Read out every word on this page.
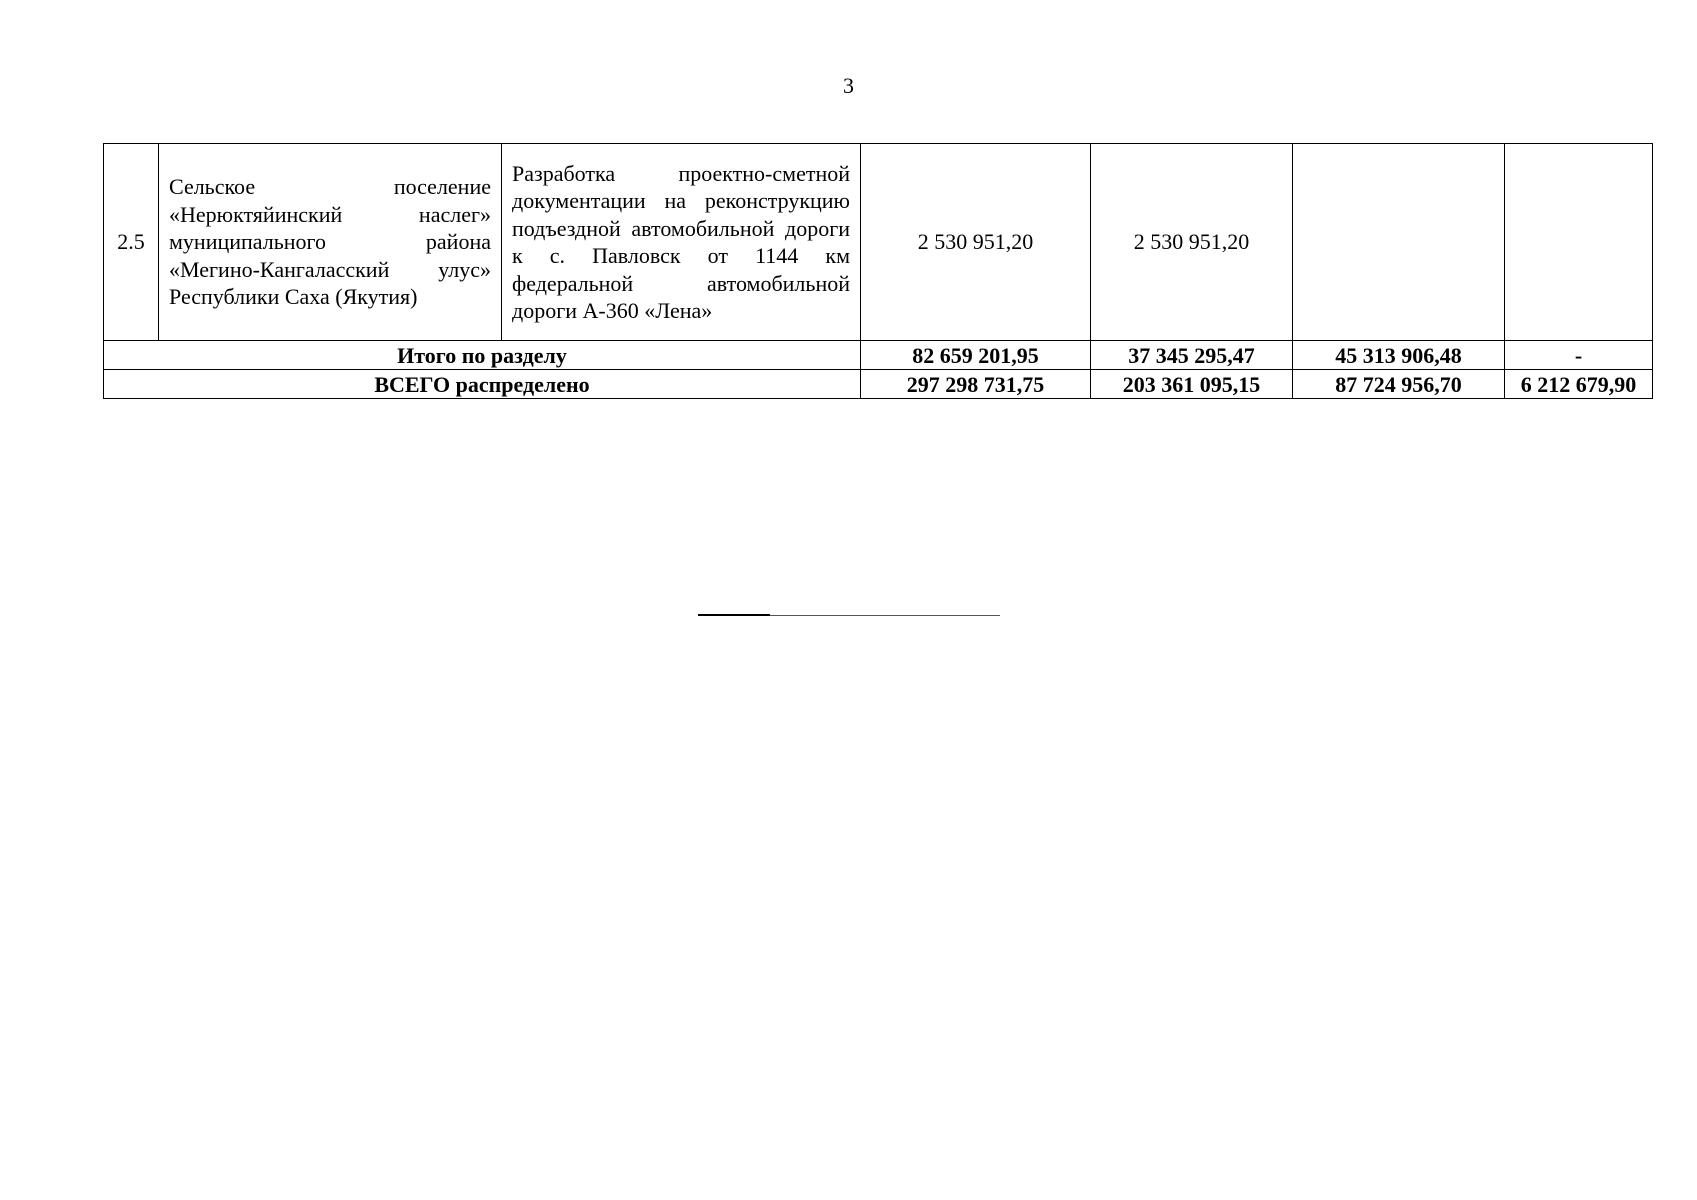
3
2.5	Сельское поселение «Нерюктяйинский наслег» муниципального района «Мегино-Кангаласский улус» Республики Саха (Якутия)	Разработка проектно-сметной документации на реконструкцию подъездной автомобильной дороги к с. Павловск от 1144 км федеральной автомобильной дороги А-360 «Лена»	2 530 951,20	2 530 951,20		
Итого по разделу			82 659 201,95	37 345 295,47	45 313 906,48	-
ВСЕГО распределено			297 298 731,75	203 361 095,15	87 724 956,70	6 212 679,90
